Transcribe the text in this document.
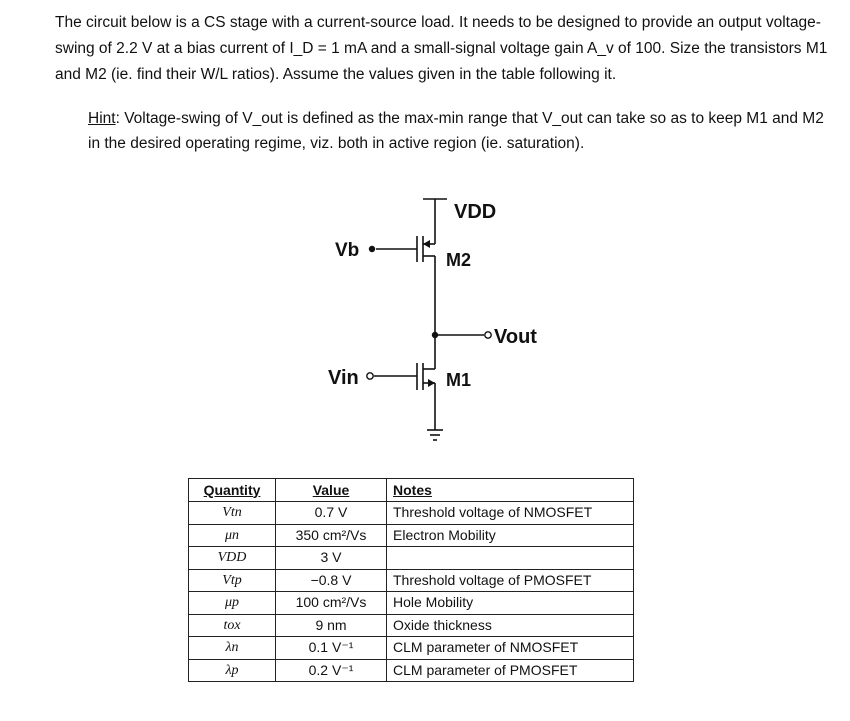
The circuit below is a CS stage with a current-source load. It needs to be designed to provide an output voltage-swing of 2.2 V at a bias current of I_D = 1 mA and a small-signal voltage gain A_v of 100. Size the transistors M1 and M2 (ie. find their W/L ratios). Assume the values given in the table following it.
Hint: Voltage-swing of V_out is defined as the max-min range that V_out can take so as to keep M1 and M2 in the desired operating regime, viz. both in active region (ie. saturation).
VDD
Vb	M2
Vout
Vin	M1
Quantity	Value	Notes
Vtn	0.7 V	Threshold voltage of NMOSFET
μn	350 cm²/Vs	Electron Mobility
VDD	3 V	
Vtp	−0.8 V	Threshold voltage of PMOSFET
μp	100 cm²/Vs	Hole Mobility
tox	9 nm	Oxide thickness
λn	0.1 V⁻¹	CLM parameter of NMOSFET
λp	0.2 V⁻¹	CLM parameter of PMOSFET
